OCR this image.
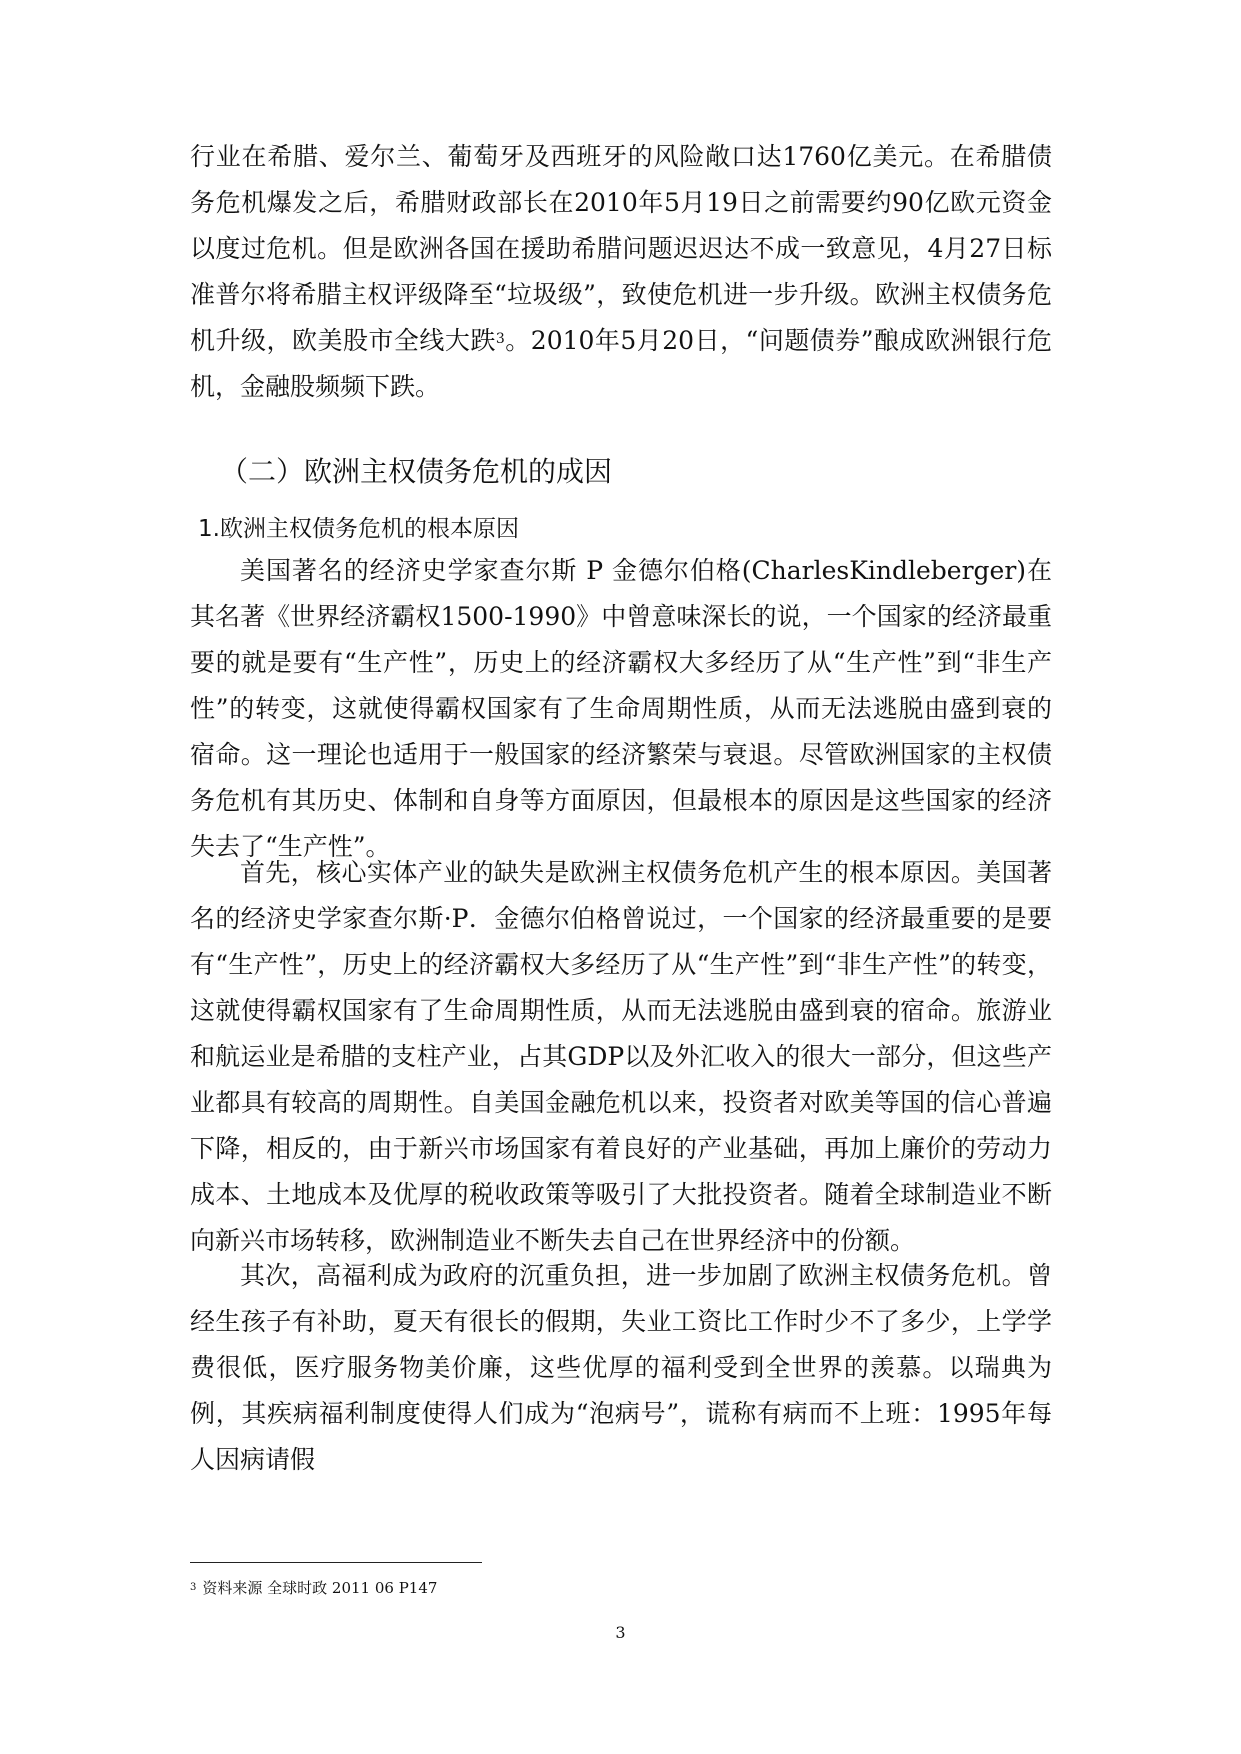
行业在希腊、爱尔兰、葡萄牙及西班牙的风险敞口达1760亿美元。在希腊债务危机爆发之后，希腊财政部长在2010年5月19日之前需要约90亿欧元资金以度过危机。但是欧洲各国在援助希腊问题迟迟达不成一致意见，4月27日标准普尔将希腊主权评级降至“垃圾级”，致使危机进一步升级。欧洲主权债务危机升级，欧美股市全线大跌$^3$。2010年5月20日，“问题债券”酿成欧洲银行危机，金融股频频下跌。

（二）欧洲主权债务危机的成因
1.欧洲主权债务危机的根本原因

美国著名的经济史学家查尔斯 P 金德尔伯格(CharlesKindleberger)在其名著《世界经济霸权1500-1990》中曾意味深长的说，一个国家的经济最重要的就是要有“生产性”，历史上的经济霸权大多经历了从“生产性”到“非生产性”的转变，这就使得霸权国家有了生命周期性质，从而无法逃脱由盛到衰的宿命。这一理论也适用于一般国家的经济繁荣与衰退。尽管欧洲国家的主权债务危机有其历史、体制和自身等方面原因，但最根本的原因是这些国家的经济失去了“生产性”。

首先，核心实体产业的缺失是欧洲主权债务危机产生的根本原因。美国著名的经济史学家查尔斯·P．金德尔伯格曾说过，一个国家的经济最重要的是要有“生产性”，历史上的经济霸权大多经历了从“生产性”到“非生产性”的转变，这就使得霸权国家有了生命周期性质，从而无法逃脱由盛到衰的宿命。旅游业和航运业是希腊的支柱产业，占其GDP以及外汇收入的很大一部分，但这些产业都具有较高的周期性。自美国金融危机以来，投资者对欧美等国的信心普遍下降，相反的，由于新兴市场国家有着良好的产业基础，再加上廉价的劳动力成本、土地成本及优厚的税收政策等吸引了大批投资者。随着全球制造业不断向新兴市场转移，欧洲制造业不断失去自己在世界经济中的份额。

其次，高福利成为政府的沉重负担，进一步加剧了欧洲主权债务危机。曾经生孩子有补助，夏天有很长的假期，失业工资比工作时少不了多少，上学学费很低，医疗服务物美价廉，这些优厚的福利受到全世界的羡慕。以瑞典为例，其疾病福利制度使得人们成为“泡病号”，谎称有病而不上班：1995年每人因病请假

$^3$ 资料来源 全球时政 2011 06 P147
3
